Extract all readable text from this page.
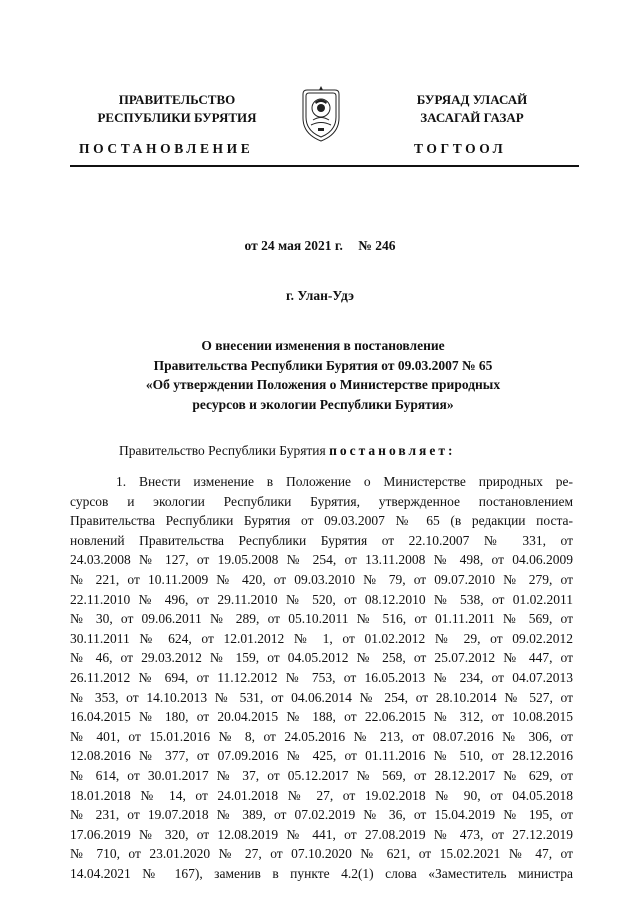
ПРАВИТЕЛЬСТВО
РЕСПУБЛИКИ БУРЯТИЯ
БУРЯАД УЛАСАЙ
ЗАСАГАЙ ГАЗАР
ПОСТАНОВЛЕНИЕ	ТОГТООЛ
от 24 мая 2021 г. № 246
г. Улан-Удэ
О внесении изменения в постановление
Правительства Республики Бурятия от 09.03.2007 № 65
«Об утверждении Положения о Министерстве природных
ресурсов и экологии Республики Бурятия»
Правительство Республики Бурятия постановляет:
1. Внести изменение в Положение о Министерстве природных ре-
сурсов и экологии Республики Бурятия, утвержденное постановлением
Правительства Республики Бурятия от 09.03.2007 № 65 (в редакции поста-
новлений Правительства Республики Бурятия от 22.10.2007 № 331, от
24.03.2008 № 127, от 19.05.2008 № 254, от 13.11.2008 № 498, от 04.06.2009
№ 221, от 10.11.2009 № 420, от 09.03.2010 № 79, от 09.07.2010 № 279, от
22.11.2010 № 496, от 29.11.2010 № 520, от 08.12.2010 № 538, от 01.02.2011
№ 30, от 09.06.2011 № 289, от 05.10.2011 № 516, от 01.11.2011 № 569, от
30.11.2011 № 624, от 12.01.2012 № 1, от 01.02.2012 № 29, от 09.02.2012
№ 46, от 29.03.2012 № 159, от 04.05.2012 № 258, от 25.07.2012 № 447, от
26.11.2012 № 694, от 11.12.2012 № 753, от 16.05.2013 № 234, от 04.07.2013
№ 353, от 14.10.2013 № 531, от 04.06.2014 № 254, от 28.10.2014 № 527, от
16.04.2015 № 180, от 20.04.2015 № 188, от 22.06.2015 № 312, от 10.08.2015
№ 401, от 15.01.2016 № 8, от 24.05.2016 № 213, от 08.07.2016 № 306, от
12.08.2016 № 377, от 07.09.2016 № 425, от 01.11.2016 № 510, от 28.12.2016
№ 614, от 30.01.2017 № 37, от 05.12.2017 № 569, от 28.12.2017 № 629, от
18.01.2018 № 14, от 24.01.2018 № 27, от 19.02.2018 № 90, от 04.05.2018
№ 231, от 19.07.2018 № 389, от 07.02.2019 № 36, от 15.04.2019 № 195, от
17.06.2019 № 320, от 12.08.2019 № 441, от 27.08.2019 № 473, от 27.12.2019
№ 710, от 23.01.2020 № 27, от 07.10.2020 № 621, от 15.02.2021 № 47, от
14.04.2021 № 167), заменив в пункте 4.2(1) слова «Заместитель министра
